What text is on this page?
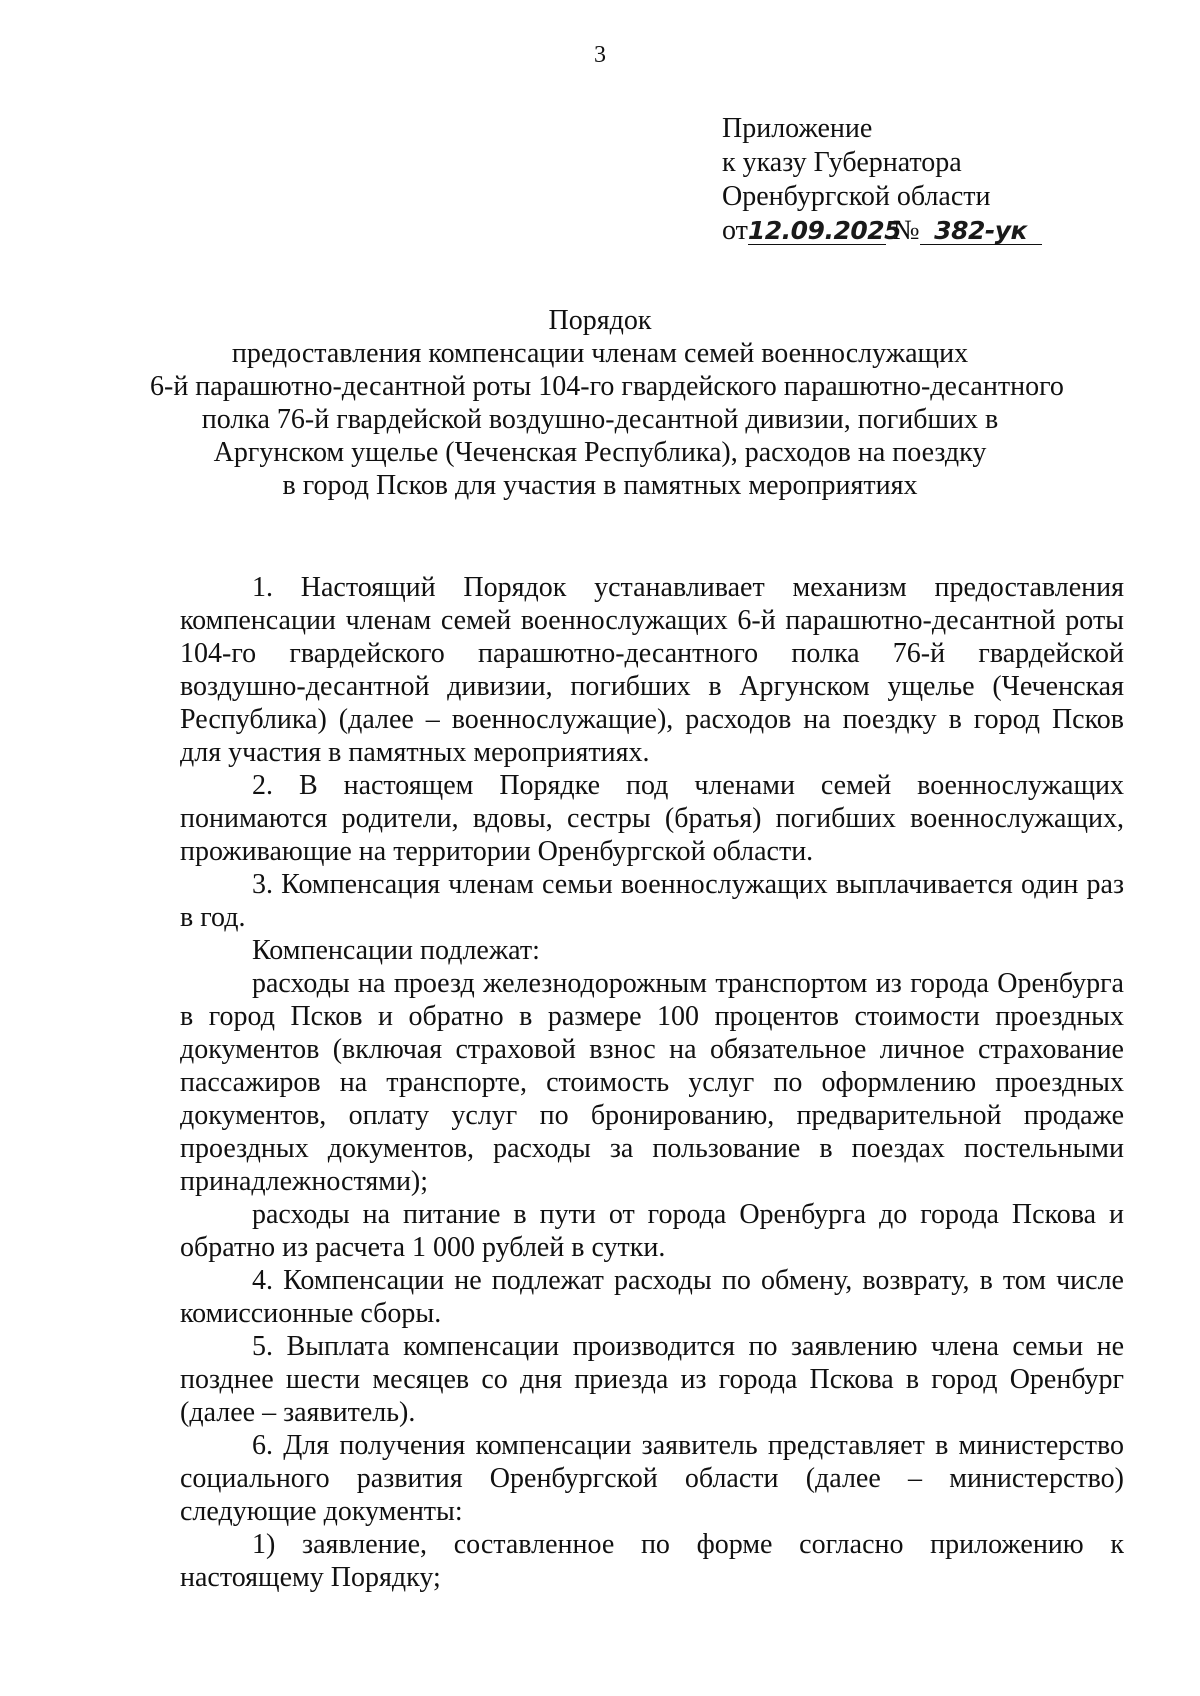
3
Приложение
к указу Губернатора
Оренбургской области
от12.09.2025 № 382-ук
Порядок
предоставления компенсации членам семей военнослужащих
6-й парашютно-десантной роты 104-го гвардейского парашютно-десантного
полка 76-й гвардейской воздушно-десантной дивизии, погибших в
Аргунском ущелье (Чеченская Республика), расходов на поездку
в город Псков для участия в памятных мероприятиях

1. Настоящий Порядок устанавливает механизм предоставления компенсации членам семей военнослужащих 6-й парашютно-десантной роты 104-го гвардейского парашютно-десантного полка 76-й гвардейской воздушно-десантной дивизии, погибших в Аргунском ущелье (Чеченская Республика) (далее – военнослужащие), расходов на поездку в город Псков для участия в памятных мероприятиях.

2. В настоящем Порядке под членами семей военнослужащих понимаются родители, вдовы, сестры (братья) погибших военнослужащих, проживающие на территории Оренбургской области.

3. Компенсация членам семьи военнослужащих выплачивается один раз в год.

Компенсации подлежат:

расходы на проезд железнодорожным транспортом из города Оренбурга в город Псков и обратно в размере 100 процентов стоимости проездных документов (включая страховой взнос на обязательное личное страхование пассажиров на транспорте, стоимость услуг по оформлению проездных документов, оплату услуг по бронированию, предварительной продаже проездных документов, расходы за пользование в поездах постельными принадлежностями);

расходы на питание в пути от города Оренбурга до города Пскова и обратно из расчета 1 000 рублей в сутки.

4. Компенсации не подлежат расходы по обмену, возврату, в том числе комиссионные сборы.

5. Выплата компенсации производится по заявлению члена семьи не позднее шести месяцев со дня приезда из города Пскова в город Оренбург (далее – заявитель).

6. Для получения компенсации заявитель представляет в министерство социального развития Оренбургской области (далее – министерство) следующие документы:

1) заявление, составленное по форме согласно приложению к настоящему Порядку;
